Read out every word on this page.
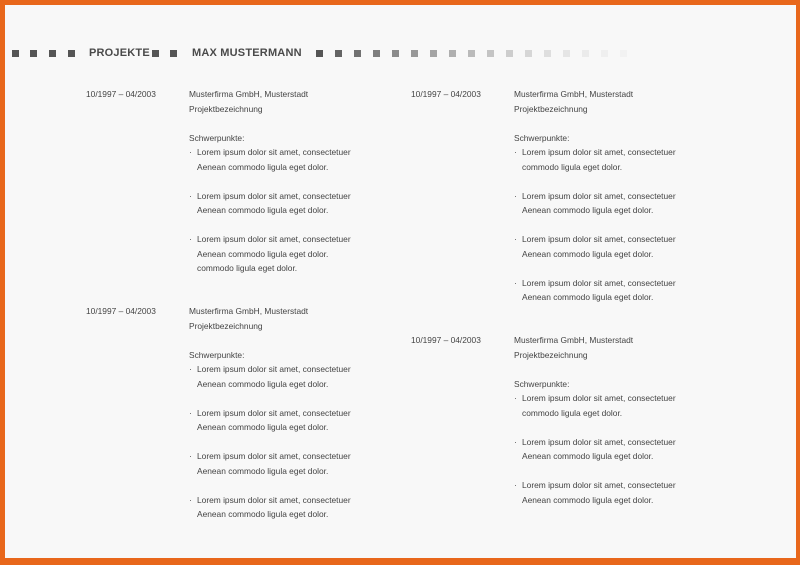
PROJEKTE	MAX MUSTERMANN
10/1997 – 04/2003	Musterfirma GmbH, Musterstadt
Projektbezeichnung
Schwerpunkte:
· Lorem ipsum dolor sit amet, consectetuer
Aenean commodo ligula eget dolor.
· Lorem ipsum dolor sit amet, consectetuer
Aenean commodo ligula eget dolor.
· Lorem ipsum dolor sit amet, consectetuer
Aenean commodo ligula eget dolor.
commodo ligula eget dolor.
10/1997 – 04/2003	Musterfirma GmbH, Musterstadt
Projektbezeichnung
Schwerpunkte:
· Lorem ipsum dolor sit amet, consectetuer
commodo ligula eget dolor.
· Lorem ipsum dolor sit amet, consectetuer
Aenean commodo ligula eget dolor.
· Lorem ipsum dolor sit amet, consectetuer
Aenean commodo ligula eget dolor.
· Lorem ipsum dolor sit amet, consectetuer
Aenean commodo ligula eget dolor.
10/1997 – 04/2003	Musterfirma GmbH, Musterstadt
Projektbezeichnung
Schwerpunkte:
· Lorem ipsum dolor sit amet, consectetuer
Aenean commodo ligula eget dolor.
· Lorem ipsum dolor sit amet, consectetuer
Aenean commodo ligula eget dolor.
· Lorem ipsum dolor sit amet, consectetuer
Aenean commodo ligula eget dolor.
· Lorem ipsum dolor sit amet, consectetuer
Aenean commodo ligula eget dolor.
10/1997 – 04/2003	Musterfirma GmbH, Musterstadt
Projektbezeichnung
Schwerpunkte:
· Lorem ipsum dolor sit amet, consectetuer
commodo ligula eget dolor.
· Lorem ipsum dolor sit amet, consectetuer
Aenean commodo ligula eget dolor.
· Lorem ipsum dolor sit amet, consectetuer
Aenean commodo ligula eget dolor.
